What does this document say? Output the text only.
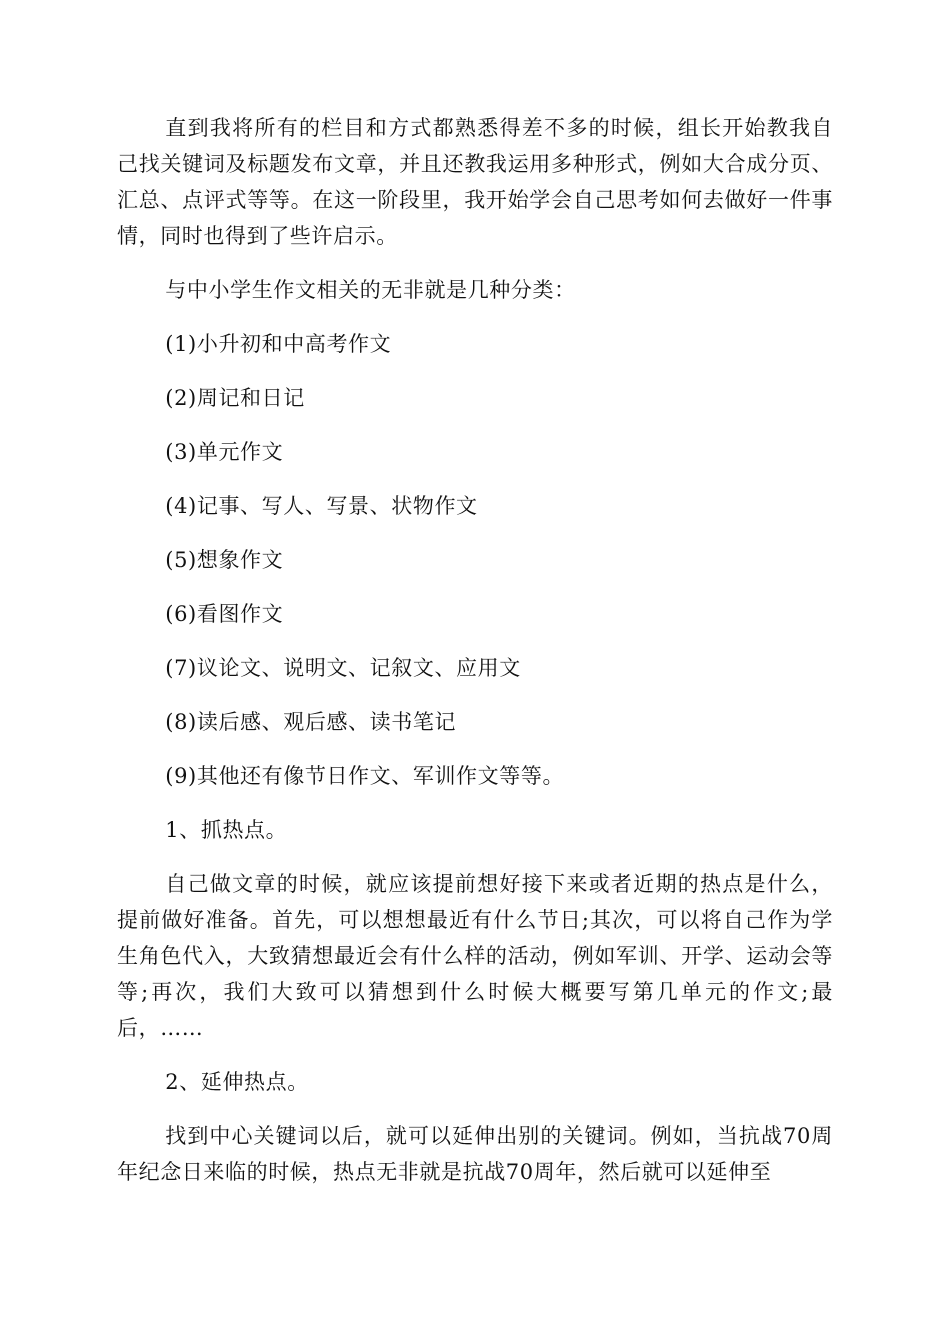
直到我将所有的栏目和方式都熟悉得差不多的时候，组长开始教我自己找关键词及标题发布文章，并且还教我运用多种形式，例如大合成分页、汇总、点评式等等。在这一阶段里，我开始学会自己思考如何去做好一件事情，同时也得到了些许启示。

与中小学生作文相关的无非就是几种分类：

(1)小升初和中高考作文

(2)周记和日记

(3)单元作文

(4)记事、写人、写景、状物作文

(5)想象作文

(6)看图作文

(7)议论文、说明文、记叙文、应用文

(8)读后感、观后感、读书笔记

(9)其他还有像节日作文、军训作文等等。

1、抓热点。

自己做文章的时候，就应该提前想好接下来或者近期的热点是什么，提前做好准备。首先，可以想想最近有什么节日;其次，可以将自己作为学生角色代入，大致猜想最近会有什么样的活动，例如军训、开学、运动会等等;再次，我们大致可以猜想到什么时候大概要写第几单元的作文;最后，……

2、延伸热点。

找到中心关键词以后，就可以延伸出别的关键词。例如，当抗战70周年纪念日来临的时候，热点无非就是抗战70周年，然后就可以延伸至
